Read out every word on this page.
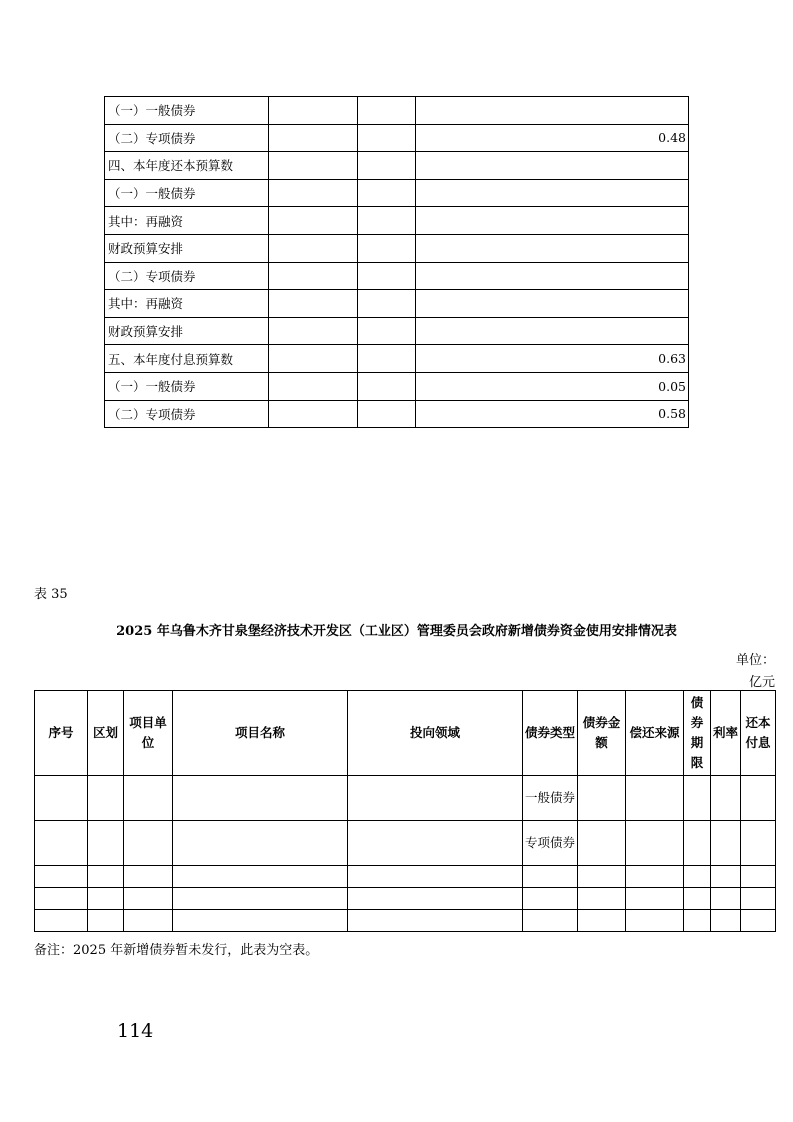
（一）一般债券			
（二）专项债券			0.48
四、本年度还本预算数			
（一）一般债券			
其中：再融资			
财政预算安排			
（二）专项债券			
其中：再融资			
财政预算安排			
五、本年度付息预算数			0.63
（一）一般债券			0.05
（二）专项债券			0.58
表 35
2025 年乌鲁木齐甘泉堡经济技术开发区（工业区）管理委员会政府新增债券资金使用安排情况表
单位：亿元
序号	区划	项目单位	项目名称	投向领域	债券类型	债券金额	偿还来源	债券期限	利率	还本付息
					一般债券					
					专项债券					

备注：2025 年新增债券暂未发行，此表为空表。
114
